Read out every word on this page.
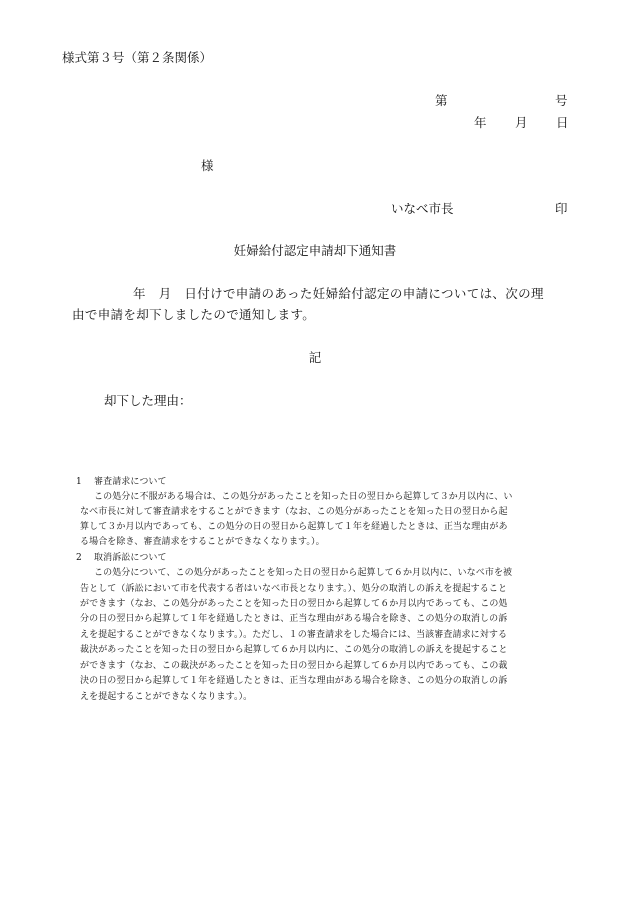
様式第３号（第２条関係）

第	号

年 月 日

様

いなべ市長	印

妊婦給付認定申請却下通知書

年　月　日付けで申請のあった妊婦給付認定の申請については、次の理

由で申請を却下しましたので通知します。

記

却下した理由：

1 審査請求について

この処分に不服がある場合は、この処分があったことを知った日の翌日から起算して３か月以内に、い

なべ市長に対して審査請求をすることができます（なお、この処分があったことを知った日の翌日から起

算して３か月以内であっても、この処分の日の翌日から起算して１年を経過したときは、正当な理由があ

る場合を除き、審査請求をすることができなくなります。）。

2 取消訴訟について

この処分について、この処分があったことを知った日の翌日から起算して６か月以内に、いなべ市を被

告として（訴訟において市を代表する者はいなべ市長となります。）、処分の取消しの訴えを提起すること

ができます（なお、この処分があったことを知った日の翌日から起算して６か月以内であっても、この処

分の日の翌日から起算して１年を経過したときは、正当な理由がある場合を除き、この処分の取消しの訴

えを提起することができなくなります。）。ただし、１の審査請求をした場合には、当該審査請求に対する

裁決があったことを知った日の翌日から起算して６か月以内に、この処分の取消しの訴えを提起すること

ができます（なお、この裁決があったことを知った日の翌日から起算して６か月以内であっても、この裁

決の日の翌日から起算して１年を経過したときは、正当な理由がある場合を除き、この処分の取消しの訴

えを提起することができなくなります。）。
